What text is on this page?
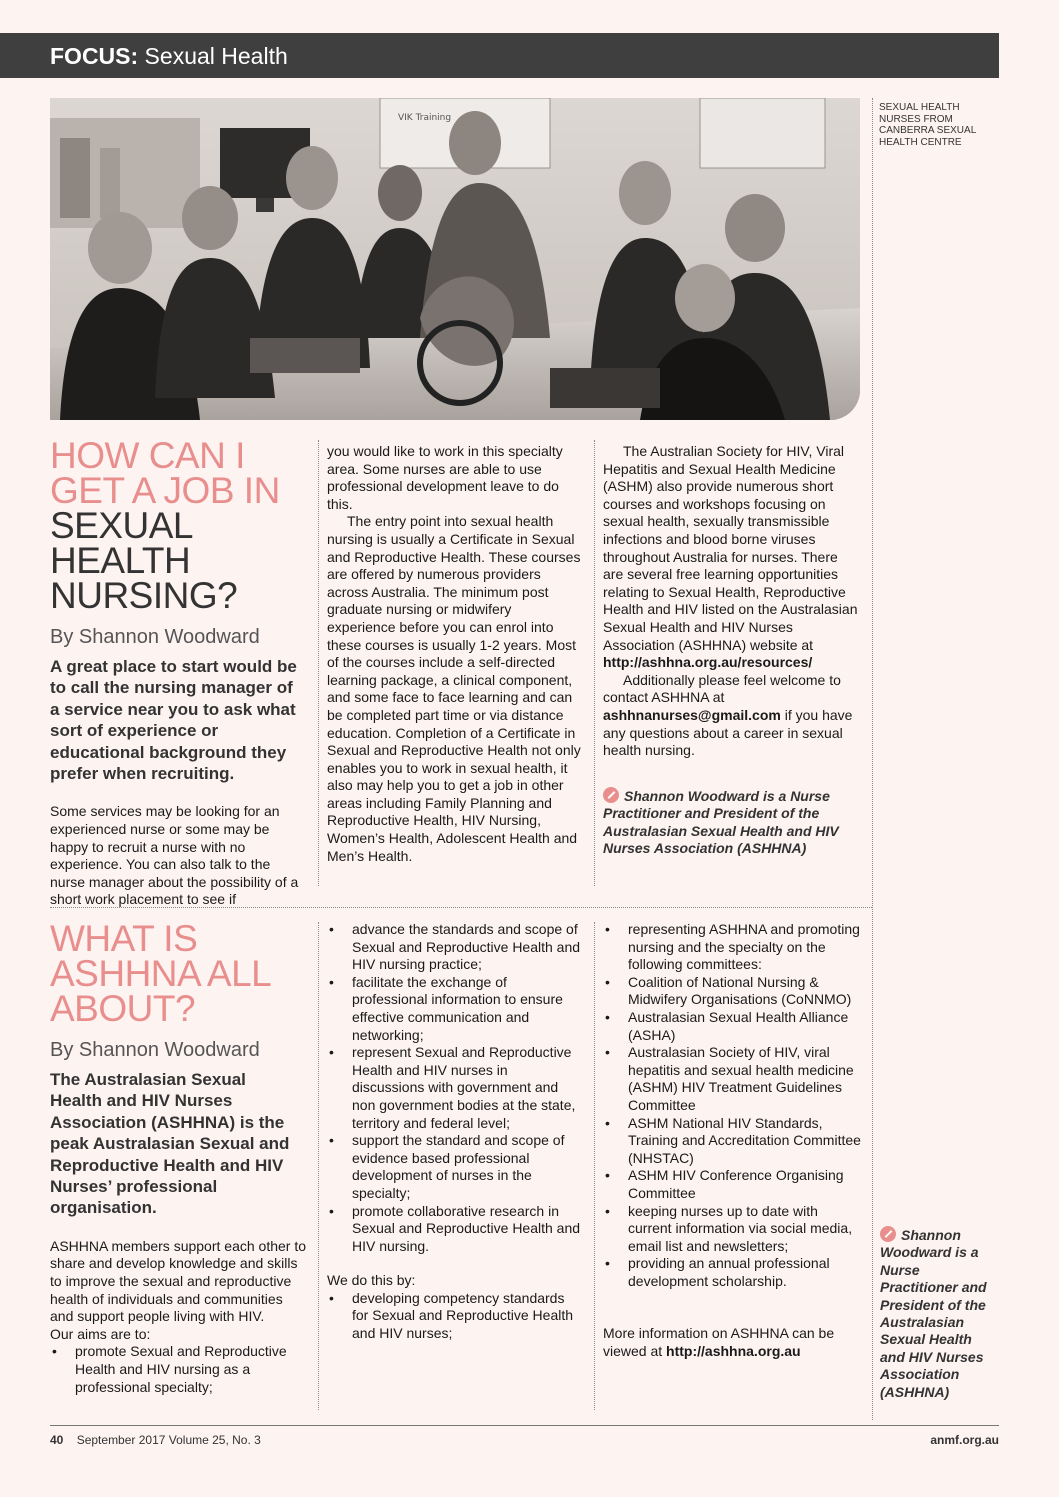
FOCUS: Sexual Health
VIK Training
SEXUAL HEALTH NURSES FROM CANBERRA SEXUAL HEALTH CENTRE
HOW CAN I GET A JOB IN
SEXUAL HEALTH NURSING?
By Shannon Woodward
A great place to start would be to call the nursing manager of a service near you to ask what sort of experience or educational background they prefer when recruiting.

Some services may be looking for an experienced nurse or some may be happy to recruit a nurse with no experience. You can also talk to the nurse manager about the possibility of a short work placement to see if

you would like to work in this specialty area. Some nurses are able to use professional development leave to do this.

The entry point into sexual health nursing is usually a Certificate in Sexual and Reproductive Health. These courses are offered by numerous providers across Australia. The minimum post graduate nursing or midwifery experience before you can enrol into these courses is usually 1-2 years. Most of the courses include a self-directed learning package, a clinical component, and some face to face learning and can be completed part time or via distance education. Completion of a Certificate in Sexual and Reproductive Health not only enables you to work in sexual health, it also may help you to get a job in other areas including Family Planning and Reproductive Health, HIV Nursing, Women’s Health, Adolescent Health and Men’s Health.

The Australian Society for HIV, Viral Hepatitis and Sexual Health Medicine (ASHM) also provide numerous short courses and workshops focusing on sexual health, sexually transmissible infections and blood borne viruses throughout Australia for nurses. There are several free learning opportunities relating to Sexual Health, Reproductive Health and HIV listed on the Australasian Sexual Health and HIV Nurses Association (ASHHNA) website at http://ashhna.org.au/resources/

Additionally please feel welcome to contact ASHHNA at ashhnanurses@gmail.com if you have any questions about a career in sexual health nursing.

Shannon Woodward is a Nurse Practitioner and President of the Australasian Sexual Health and HIV Nurses Association (ASHHNA)
WHAT IS ASHHNA ALL ABOUT?
By Shannon Woodward
The Australasian Sexual Health and HIV Nurses Association (ASHHNA) is the peak Australasian Sexual and Reproductive Health and HIV Nurses’ professional organisation.

ASHHNA members support each other to share and develop knowledge and skills to improve the sexual and reproductive health of individuals and communities and support people living with HIV.

Our aims are to:

• promote Sexual and Reproductive Health and HIV nursing as a professional specialty;
• advance the standards and scope of Sexual and Reproductive Health and HIV nursing practice;
• facilitate the exchange of professional information to ensure effective communication and networking;
• represent Sexual and Reproductive Health and HIV nurses in discussions with government and non government bodies at the state, territory and federal level;
• support the standard and scope of evidence based professional development of nurses in the specialty;
• promote collaborative research in Sexual and Reproductive Health and HIV nursing.

We do this by:

• developing competency standards for Sexual and Reproductive Health and HIV nurses;
• representing ASHHNA and promoting nursing and the specialty on the following committees:
• Coalition of National Nursing & Midwifery Organisations (CoNNMO)
• Australasian Sexual Health Alliance (ASHA)
• Australasian Society of HIV, viral hepatitis and sexual health medicine (ASHM) HIV Treatment Guidelines Committee
• ASHM National HIV Standards, Training and Accreditation Committee (NHSTAC)
• ASHM HIV Conference Organising Committee
• keeping nurses up to date with current information via social media, email list and newsletters;
• providing an annual professional development scholarship.

More information on ASHHNA can be viewed at http://ashhna.org.au

Shannon Woodward is a Nurse Practitioner and President of the Australasian Sexual Health and HIV Nurses Association (ASHHNA)
40 September 2017 Volume 25, No. 3	anmf.org.au
